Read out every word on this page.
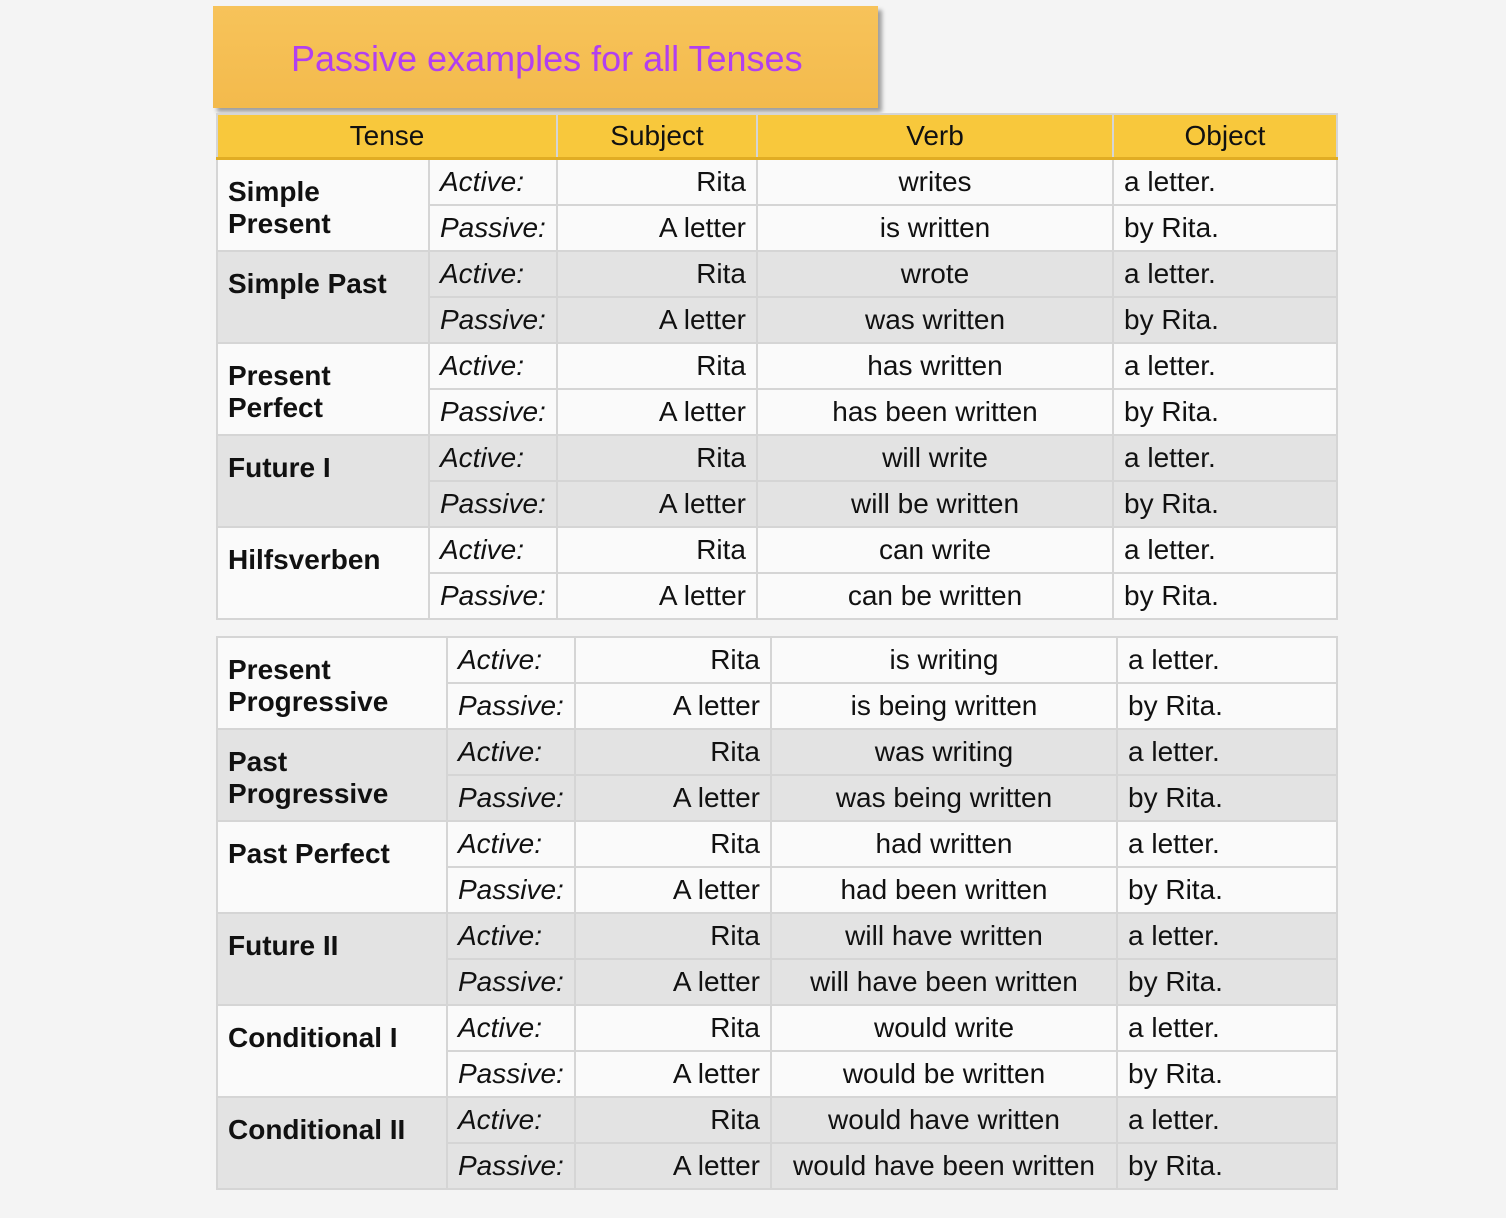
Passive examples for all Tenses
Tense		Subject	Verb	Object
Simple Present	Active:	Rita	writes	a letter.
	Passive:	A letter	is written	by Rita.
Simple Past	Active:	Rita	wrote	a letter.
	Passive:	A letter	was written	by Rita.
Present Perfect	Active:	Rita	has written	a letter.
	Passive:	A letter	has been written	by Rita.
Future I	Active:	Rita	will write	a letter.
	Passive:	A letter	will be written	by Rita.
Hilfsverben	Active:	Rita	can write	a letter.
	Passive:	A letter	can be written	by Rita.
Present Progressive	Active:	Rita	is writing	a letter.
	Passive:	A letter	is being written	by Rita.
Past Progressive	Active:	Rita	was writing	a letter.
	Passive:	A letter	was being written	by Rita.
Past Perfect	Active:	Rita	had written	a letter.
	Passive:	A letter	had been written	by Rita.
Future II	Active:	Rita	will have written	a letter.
	Passive:	A letter	will have been written	by Rita.
Conditional I	Active:	Rita	would write	a letter.
	Passive:	A letter	would be written	by Rita.
Conditional II	Active:	Rita	would have written	a letter.
	Passive:	A letter	would have been written	by Rita.
